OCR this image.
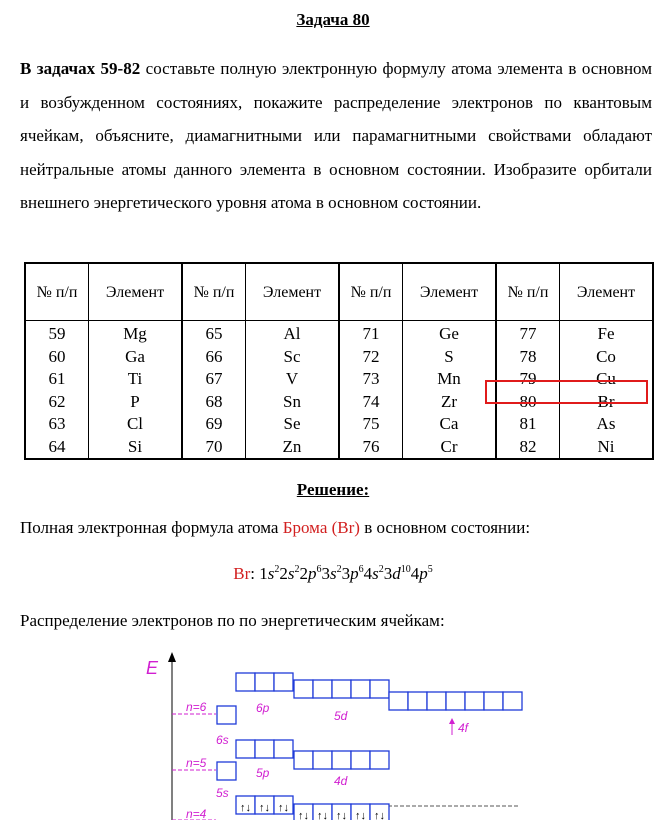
Задача 80
В задачах 59-82 составьте полную электронную формулу атома элемента в основном и возбужденном состояниях, покажите распределение электронов по квантовым ячейкам, объясните, диамагнитными или парамагнитными свойствами обладают нейтральные атомы данного элемента в основном состоянии. Изобразите орбитали внешнего энергетического уровня атома в основном состоянии.
№ п/п	Элемент	№ п/п	Элемент	№ п/п	Элемент	№ п/п	Элемент
59	Mg	65	Al	71	Ge	77	Fe
60	Ga	66	Sc	72	S	78	Co
61	Ti	67	V	73	Mn	79	Cu
62	P	68	Sn	74	Zr	80	Br
63	Cl	69	Se	75	Ca	81	As
64	Si	70	Zn	76	Cr	82	Ni
Решение:
Полная электронная формула атома Брома (Br) в основном состоянии:
Br: $1s^22s^22p^63s^23p^64s^23d^{10}4p^5$
Распределение электронов по по энергетическим ячейкам:
E
n=6
n=5
n=4	↑↓ ↑↓ ↑↓
↑↓ ↑↓ ↑↓ ↑↓ ↑↓
6p
5d
4f
6s
5s
5p
4d
